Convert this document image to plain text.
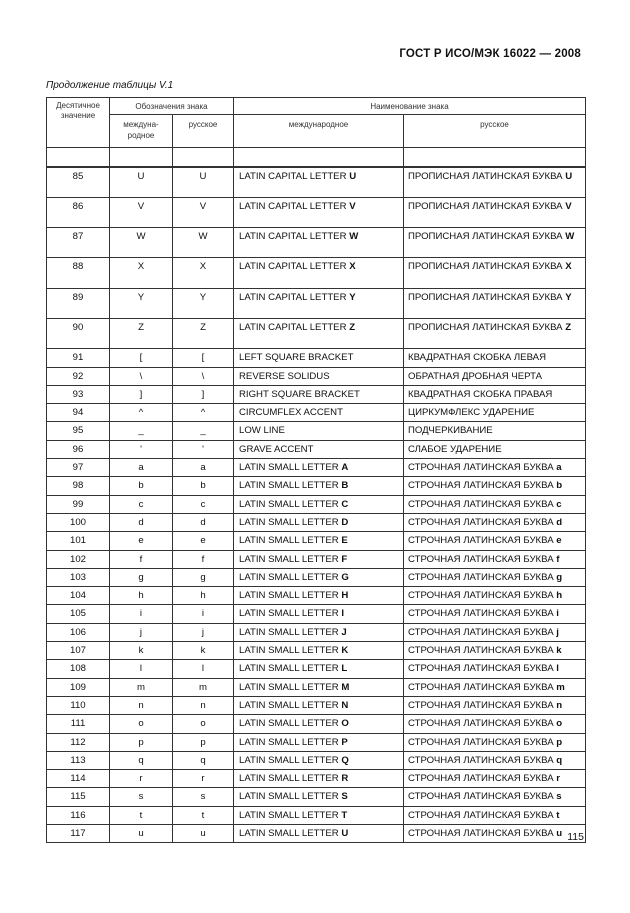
ГОСТ Р ИСО/МЭК 16022 — 2008
Продолжение таблицы V.1
Десятичное значение	Обозначения знака		Наименование знака	
	междуна-родное	русское	международное	русское

85	U	U	LATIN CAPITAL LETTER U	ПРОПИСНАЯ ЛАТИНСКАЯ БУКВА U
86	V	V	LATIN CAPITAL LETTER V	ПРОПИСНАЯ ЛАТИНСКАЯ БУКВА V
87	W	W	LATIN CAPITAL LETTER W	ПРОПИСНАЯ ЛАТИНСКАЯ БУКВА W
88	X	X	LATIN CAPITAL LETTER X	ПРОПИСНАЯ ЛАТИНСКАЯ БУКВА X
89	Y	Y	LATIN CAPITAL LETTER Y	ПРОПИСНАЯ ЛАТИНСКАЯ БУКВА Y
90	Z	Z	LATIN CAPITAL LETTER Z	ПРОПИСНАЯ ЛАТИНСКАЯ БУКВА Z
91	[	[	LEFT SQUARE BRACKET	КВАДРАТНАЯ СКОБКА ЛЕВАЯ
92	\	\	REVERSE SOLIDUS	ОБРАТНАЯ ДРОБНАЯ ЧЕРТА
93	]	]	RIGHT SQUARE BRACKET	КВАДРАТНАЯ СКОБКА ПРАВАЯ
94	^	^	CIRCUMFLEX ACCENT	ЦИРКУМФЛЕКС УДАРЕНИЕ
95	_	_	LOW LINE	ПОДЧЕРКИВАНИЕ
96	'	'	GRAVE ACCENT	СЛАБОЕ УДАРЕНИЕ
97	a	a	LATIN SMALL LETTER A	СТРОЧНАЯ ЛАТИНСКАЯ БУКВА a
98	b	b	LATIN SMALL LETTER B	СТРОЧНАЯ ЛАТИНСКАЯ БУКВА b
99	c	c	LATIN SMALL LETTER C	СТРОЧНАЯ ЛАТИНСКАЯ БУКВА c
100	d	d	LATIN SMALL LETTER D	СТРОЧНАЯ ЛАТИНСКАЯ БУКВА d
101	e	e	LATIN SMALL LETTER E	СТРОЧНАЯ ЛАТИНСКАЯ БУКВА e
102	f	f	LATIN SMALL LETTER F	СТРОЧНАЯ ЛАТИНСКАЯ БУКВА f
103	g	g	LATIN SMALL LETTER G	СТРОЧНАЯ ЛАТИНСКАЯ БУКВА g
104	h	h	LATIN SMALL LETTER H	СТРОЧНАЯ ЛАТИНСКАЯ БУКВА h
105	i	i	LATIN SMALL LETTER I	СТРОЧНАЯ ЛАТИНСКАЯ БУКВА i
106	j	j	LATIN SMALL LETTER J	СТРОЧНАЯ ЛАТИНСКАЯ БУКВА j
107	k	k	LATIN SMALL LETTER K	СТРОЧНАЯ ЛАТИНСКАЯ БУКВА k
108	l	l	LATIN SMALL LETTER L	СТРОЧНАЯ ЛАТИНСКАЯ БУКВА l
109	m	m	LATIN SMALL LETTER M	СТРОЧНАЯ ЛАТИНСКАЯ БУКВА m
110	n	n	LATIN SMALL LETTER N	СТРОЧНАЯ ЛАТИНСКАЯ БУКВА n
111	o	o	LATIN SMALL LETTER O	СТРОЧНАЯ ЛАТИНСКАЯ БУКВА o
112	p	p	LATIN SMALL LETTER P	СТРОЧНАЯ ЛАТИНСКАЯ БУКВА p
113	q	q	LATIN SMALL LETTER Q	СТРОЧНАЯ ЛАТИНСКАЯ БУКВА q
114	r	r	LATIN SMALL LETTER R	СТРОЧНАЯ ЛАТИНСКАЯ БУКВА r
115	s	s	LATIN SMALL LETTER S	СТРОЧНАЯ ЛАТИНСКАЯ БУКВА s
116	t	t	LATIN SMALL LETTER T	СТРОЧНАЯ ЛАТИНСКАЯ БУКВА t
117	u	u	LATIN SMALL LETTER U	СТРОЧНАЯ ЛАТИНСКАЯ БУКВА u 115
